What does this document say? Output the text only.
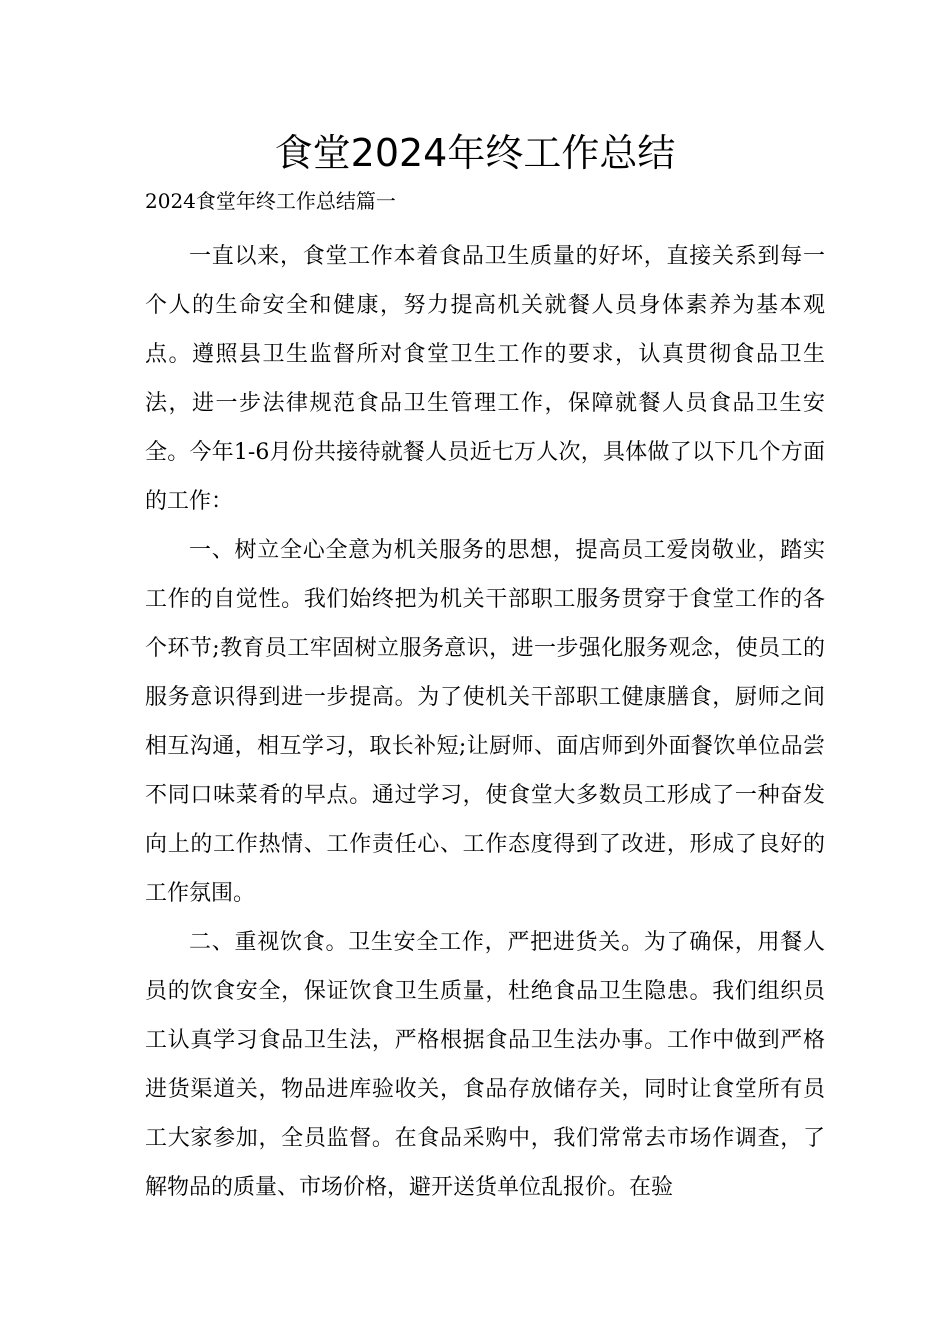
食堂2024年终工作总结
2024食堂年终工作总结篇一

一直以来，食堂工作本着食品卫生质量的好坏，直接关系到每一个人的生命安全和健康，努力提高机关就餐人员身体素养为基本观点。遵照县卫生监督所对食堂卫生工作的要求，认真贯彻食品卫生法，进一步法律规范食品卫生管理工作，保障就餐人员食品卫生安全。今年1-6月份共接待就餐人员近七万人次，具体做了以下几个方面的工作：

一、树立全心全意为机关服务的思想，提高员工爱岗敬业，踏实工作的自觉性。我们始终把为机关干部职工服务贯穿于食堂工作的各个环节;教育员工牢固树立服务意识，进一步强化服务观念，使员工的服务意识得到进一步提高。为了使机关干部职工健康膳食，厨师之间相互沟通，相互学习，取长补短;让厨师、面店师到外面餐饮单位品尝不同口味菜肴的早点。通过学习，使食堂大多数员工形成了一种奋发向上的工作热情、工作责任心、工作态度得到了改进，形成了良好的工作氛围。

二、重视饮食。卫生安全工作，严把进货关。为了确保，用餐人员的饮食安全，保证饮食卫生质量，杜绝食品卫生隐患。我们组织员工认真学习食品卫生法，严格根据食品卫生法办事。工作中做到严格进货渠道关，物品进库验收关，食品存放储存关，同时让食堂所有员工大家参加，全员监督。在食品采购中，我们常常去市场作调查，了解物品的质量、市场价格，避开送货单位乱报价。在验
